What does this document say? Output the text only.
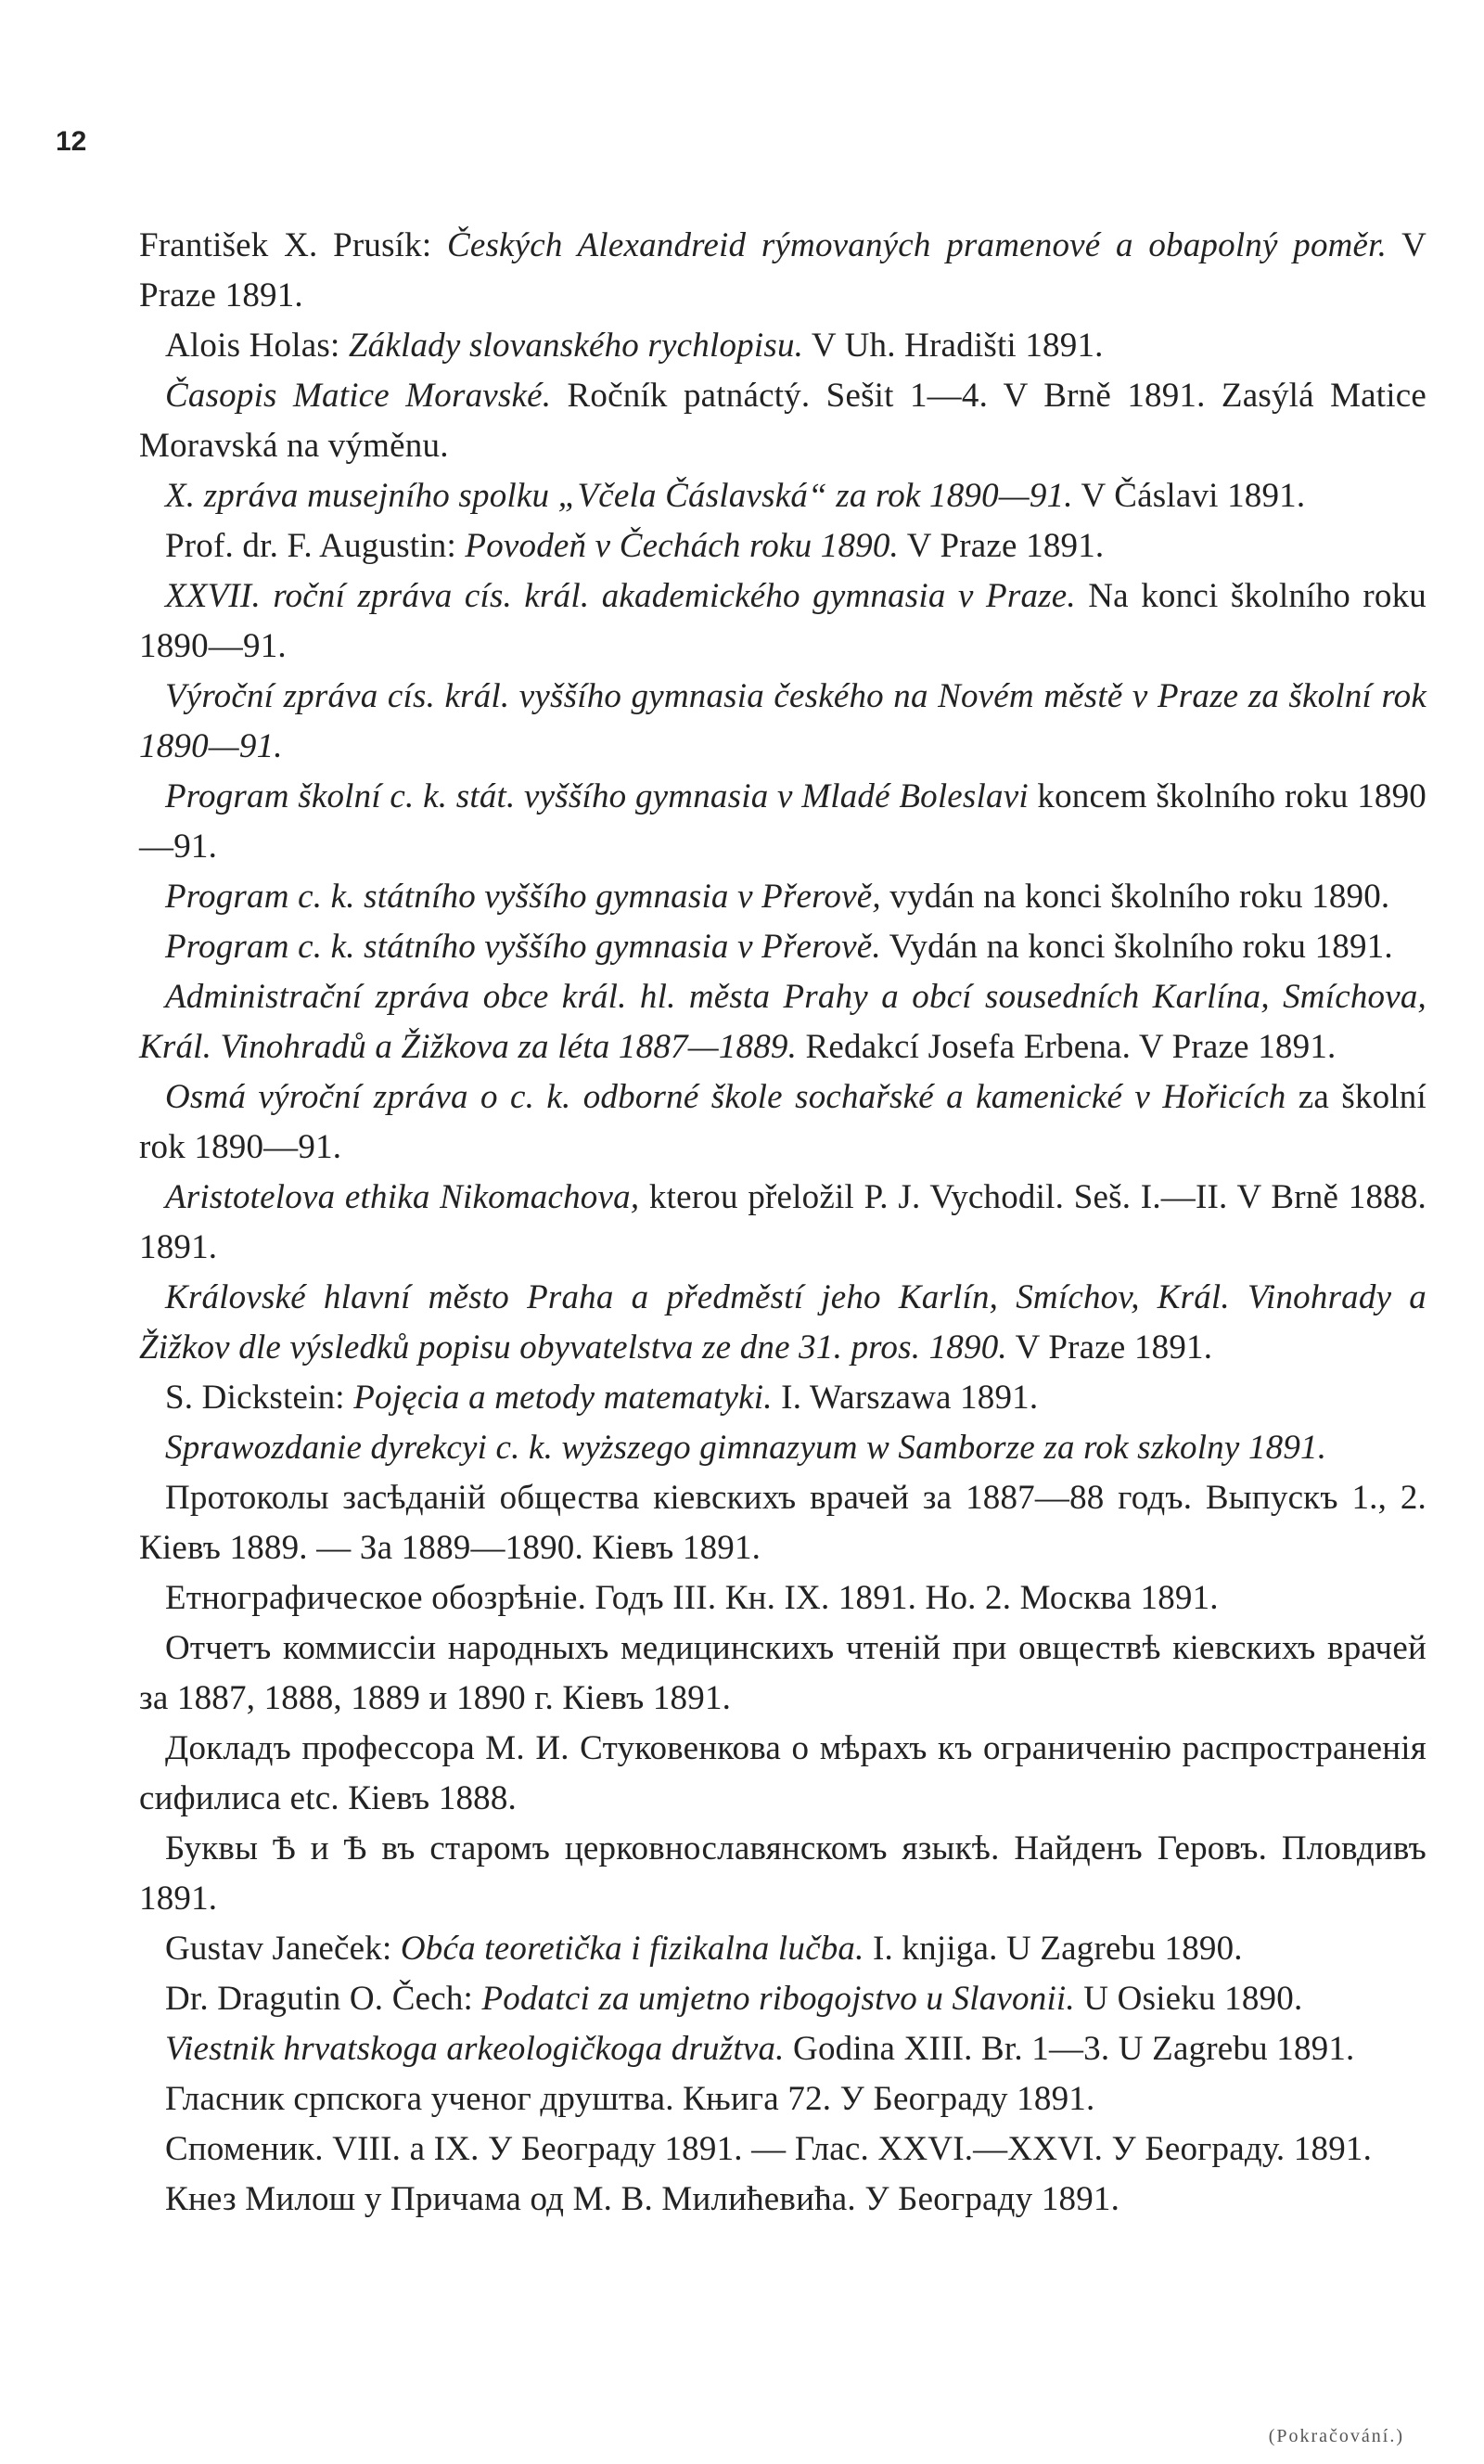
12

František X. Prusík: Českých Alexandreid rýmovaných pramenové a obapolný poměr. V Praze 1891.

Alois Holas: Základy slovanského rychlopisu. V Uh. Hradišti 1891.

Časopis Matice Moravské. Ročník patnáctý. Sešit 1—4. V Brně 1891. Zasýlá Matice Moravská na výměnu.

X. zpráva musejního spolku „Včela Čáslavská“ za rok 1890—91. V Čáslavi 1891.

Prof. dr. F. Augustin: Povodeň v Čechách roku 1890. V Praze 1891.

XXVII. roční zpráva cís. král. akademického gymnasia v Praze. Na konci školního roku 1890—91.

Výroční zpráva cís. král. vyššího gymnasia českého na Novém městě v Praze za školní rok 1890—91.

Program školní c. k. stát. vyššího gymnasia v Mladé Boleslavi koncem školního roku 1890—91.

Program c. k. státního vyššího gymnasia v Přerově, vydán na konci školního roku 1890.

Program c. k. státního vyššího gymnasia v Přerově. Vydán na konci školního roku 1891.

Administrační zpráva obce král. hl. města Prahy a obcí sousedních Karlína, Smíchova, Král. Vinohradů a Žižkova za léta 1887—1889. Redakcí Josefa Erbena. V Praze 1891.

Osmá výroční zpráva o c. k. odborné škole sochařské a kamenické v Hořicích za školní rok 1890—91.

Aristotelova ethika Nikomachova, kterou přeložil P. J. Vychodil. Seš. I.—II. V Brně 1888. 1891.

Královské hlavní město Praha a předměstí jeho Karlín, Smíchov, Král. Vinohrady a Žižkov dle výsledků popisu obyvatelstva ze dne 31. pros. 1890. V Praze 1891.

S. Dickstein: Pojęcia a metody matematyki. I. Warszawa 1891.

Sprawozdanie dyrekcyi c. k. wyższego gimnazyum w Samborze za rok szkolny 1891.

Протоколы засѣданій общества кіевскихъ врачей за 1887—88 годъ. Выпускъ 1., 2. Кіевъ 1889. — За 1889—1890. Кіевъ 1891.

Етнографическое обозрѣніе. Годъ III. Кн. IX. 1891. Но. 2. Москва 1891.

Отчетъ коммиссіи народныхъ медицинскихъ чтеній при овществѣ кіевскихъ врачей за 1887, 1888, 1889 и 1890 г. Кіевъ 1891.

Докладъ профессора М. И. Стуковенкова о мѣрахъ къ ограниченію распространенія сифилиса etc. Кіевъ 1888.

Буквы Ѣ и Ѣ въ старомъ церковнославянскомъ языкѣ. Найденъ Геровъ. Пловдивъ 1891.

Gustav Janeček: Obća teoretička i fizikalna lučba. I. knjiga. U Zagrebu 1890.

Dr. Dragutin O. Čech: Podatci za umjetno ribogojstvo u Slavonii. U Osieku 1890.

Viestnik hrvatskoga arkeologičkoga družtva. Godina XIII. Br. 1—3. U Zagrebu 1891.

Гласник српскога ученог друштва. Књига 72. У Београду 1891.

Споменик. VIII. а IX. У Београду 1891. — Глас. XXVI.—XXVI. У Београду. 1891.

Кнез Милош у Причама од М. В. Милићевића. У Београду 1891.

(Pokračování.)
